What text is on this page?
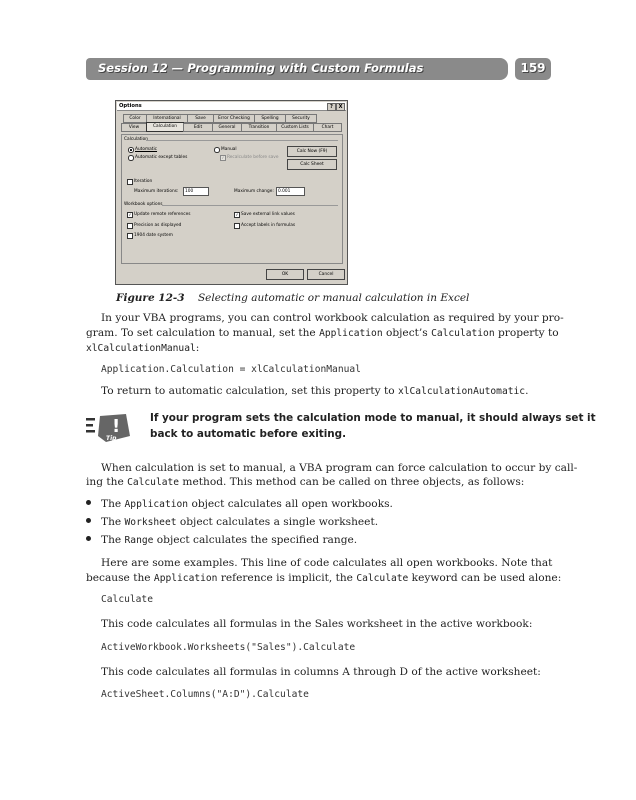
Session 12 — Programming with Custom Formulas	159
Options	?	X
Color	International	Save	Error Checking	Spelling	Security
View	Calculation	Edit	General	Transition	Custom Lists	Chart
Calculation
Automatic
Automatic except tables
Manual
✓ Recalculate before save
Calc Now (F9)
Calc Sheet
Iteration
Maximum iterations:	100	Maximum change: 0.001
Workbook options
✓ Update remote references	✓ Save external link values
Precision as displayed	Accept labels in formulas
1904 date system
OK	Cancel
Figure 12-3 Selecting automatic or manual calculation in Excel
In your VBA programs, you can control workbook calculation as required by your pro-
gram. To set calculation to manual, set the Application object’s Calculation property to
xlCalculationManual:
Application.Calculation = xlCalculationManual
To return to automatic calculation, set this property to xlCalculationAutomatic.
!
Tip
If your program sets the calculation mode to manual, it should always set it
back to automatic before exiting.
When calculation is set to manual, a VBA program can force calculation to occur by call-
ing the Calculate method. This method can be called on three objects, as follows:
The Application object calculates all open workbooks.
The Worksheet object calculates a single worksheet.
The Range object calculates the specified range.
Here are some examples. This line of code calculates all open workbooks. Note that
because the Application reference is implicit, the Calculate keyword can be used alone:
Calculate
This code calculates all formulas in the Sales worksheet in the active workbook:
ActiveWorkbook.Worksheets("Sales").Calculate
This code calculates all formulas in columns A through D of the active worksheet:
ActiveSheet.Columns("A:D").Calculate
